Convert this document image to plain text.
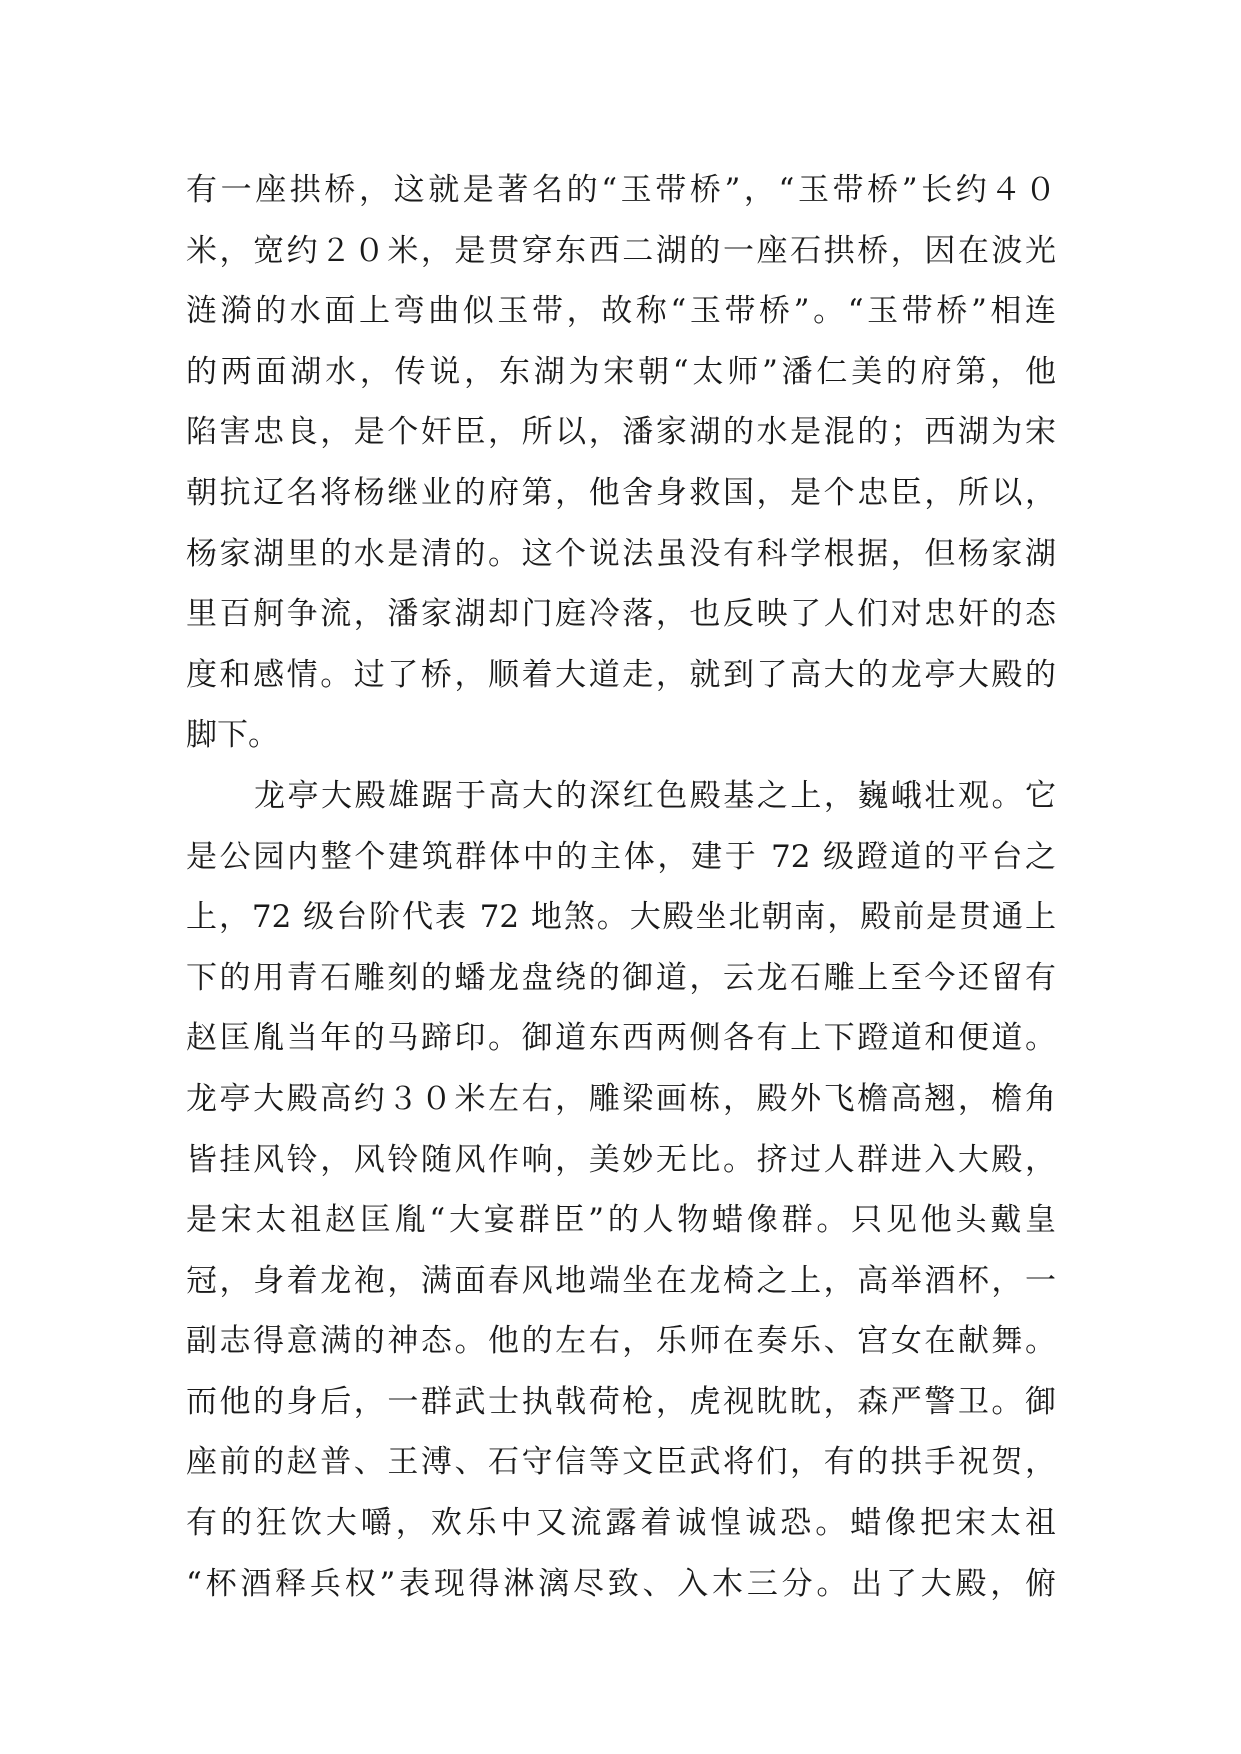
有一座拱桥，这就是著名的“玉带桥”，“玉带桥”长约４０
米，宽约２０米，是贯穿东西二湖的一座石拱桥，因在波光
涟漪的水面上弯曲似玉带，故称“玉带桥”。“玉带桥”相连
的两面湖水，传说，东湖为宋朝“太师”潘仁美的府第，他
陷害忠良，是个奸臣，所以，潘家湖的水是混的；西湖为宋
朝抗辽名将杨继业的府第，他舍身救国，是个忠臣，所以，
杨家湖里的水是清的。这个说法虽没有科学根据，但杨家湖
里百舸争流，潘家湖却门庭冷落，也反映了人们对忠奸的态
度和感情。过了桥，顺着大道走，就到了高大的龙亭大殿的
脚下。
龙亭大殿雄踞于高大的深红色殿基之上，巍峨壮观。它
是公园内整个建筑群体中的主体，建于 72 级蹬道的平台之
上，72 级台阶代表 72 地煞。大殿坐北朝南，殿前是贯通上
下的用青石雕刻的蟠龙盘绕的御道，云龙石雕上至今还留有
赵匡胤当年的马蹄印。御道东西两侧各有上下蹬道和便道。
龙亭大殿高约３０米左右，雕梁画栋，殿外飞檐高翘，檐角
皆挂风铃，风铃随风作响，美妙无比。挤过人群进入大殿，
是宋太祖赵匡胤“大宴群臣”的人物蜡像群。只见他头戴皇
冠，身着龙袍，满面春风地端坐在龙椅之上，高举酒杯，一
副志得意满的神态。他的左右，乐师在奏乐、宫女在献舞。
而他的身后，一群武士执戟荷枪，虎视眈眈，森严警卫。御
座前的赵普、王溥、石守信等文臣武将们，有的拱手祝贺，
有的狂饮大嚼，欢乐中又流露着诚惶诚恐。蜡像把宋太祖
“杯酒释兵权”表现得淋漓尽致、入木三分。出了大殿，俯
